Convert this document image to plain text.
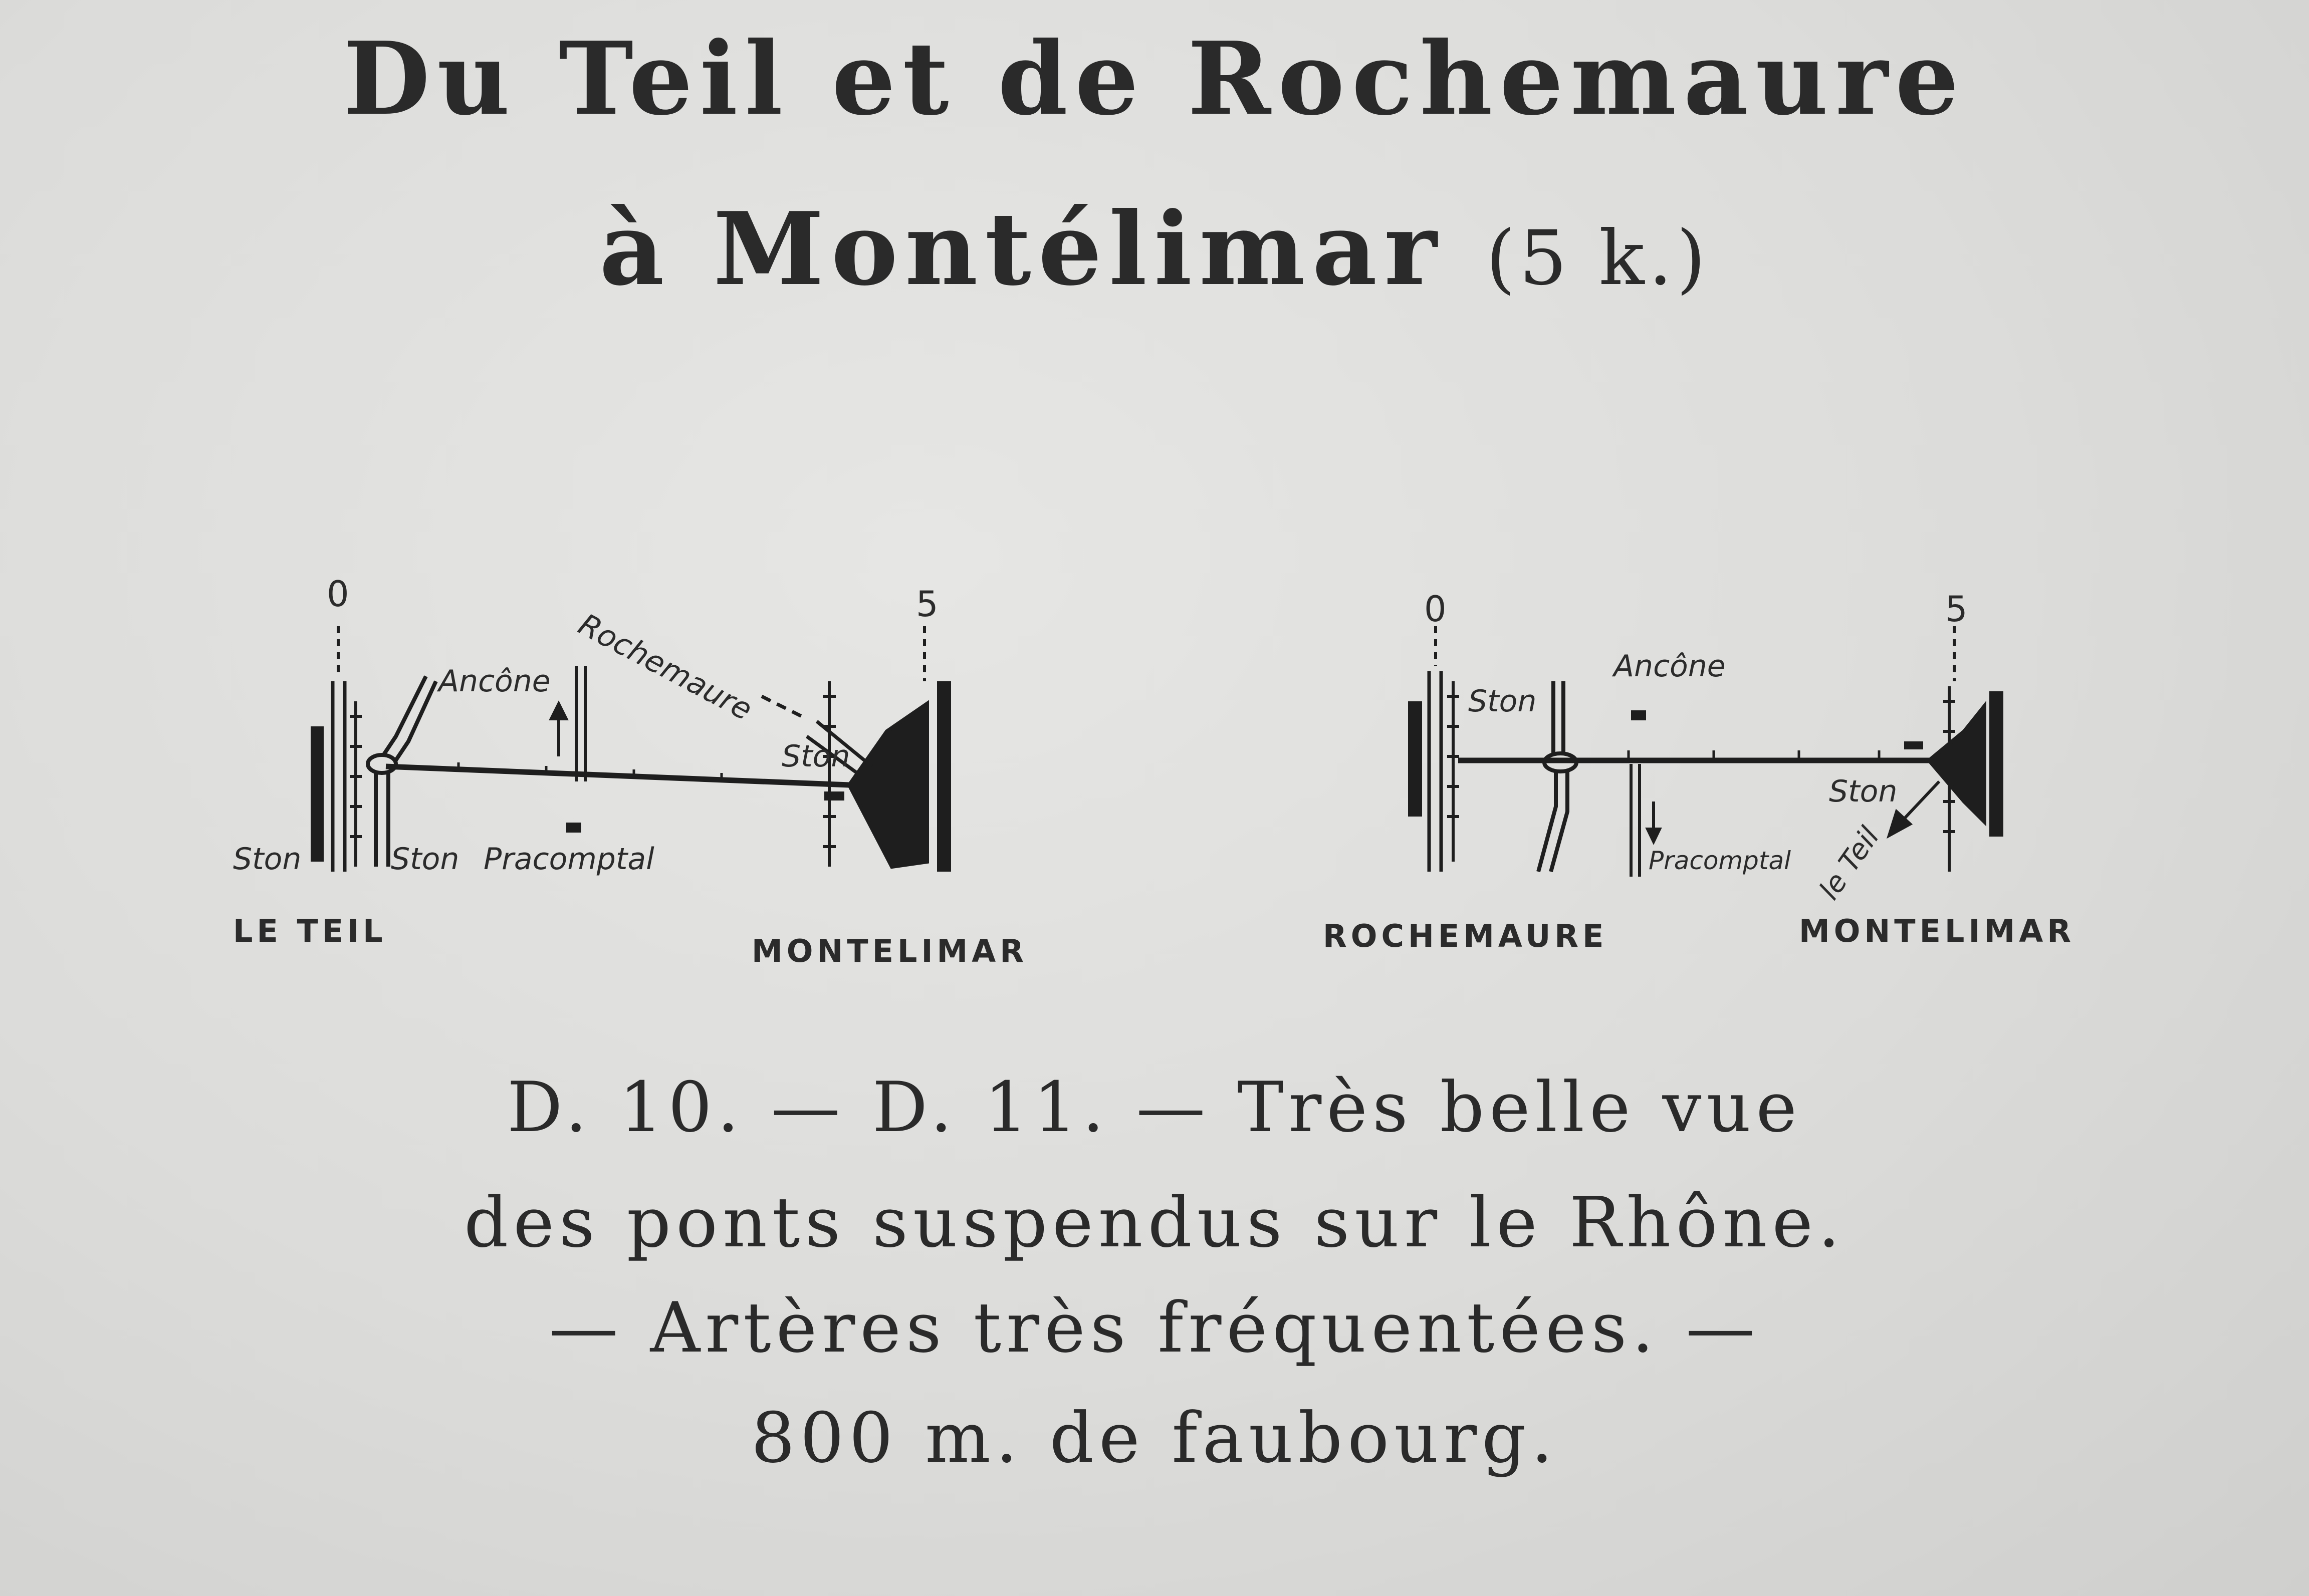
Du Teil et de Rochemaure
à Montélimar (5 k.)
0	5
Ancône Rochemaure
Ston
Ston	Ston Pracomptal
LE TEIL
MONTELIMAR
0	5
Ston
Ancône
Ston
Pracomptal le Teil
ROCHEMAURE	MONTELIMAR
D. 10. — D. 11. — Très belle vue
des ponts suspendus sur le Rhône.
— Artères très fréquentées. —
800 m. de faubourg.
